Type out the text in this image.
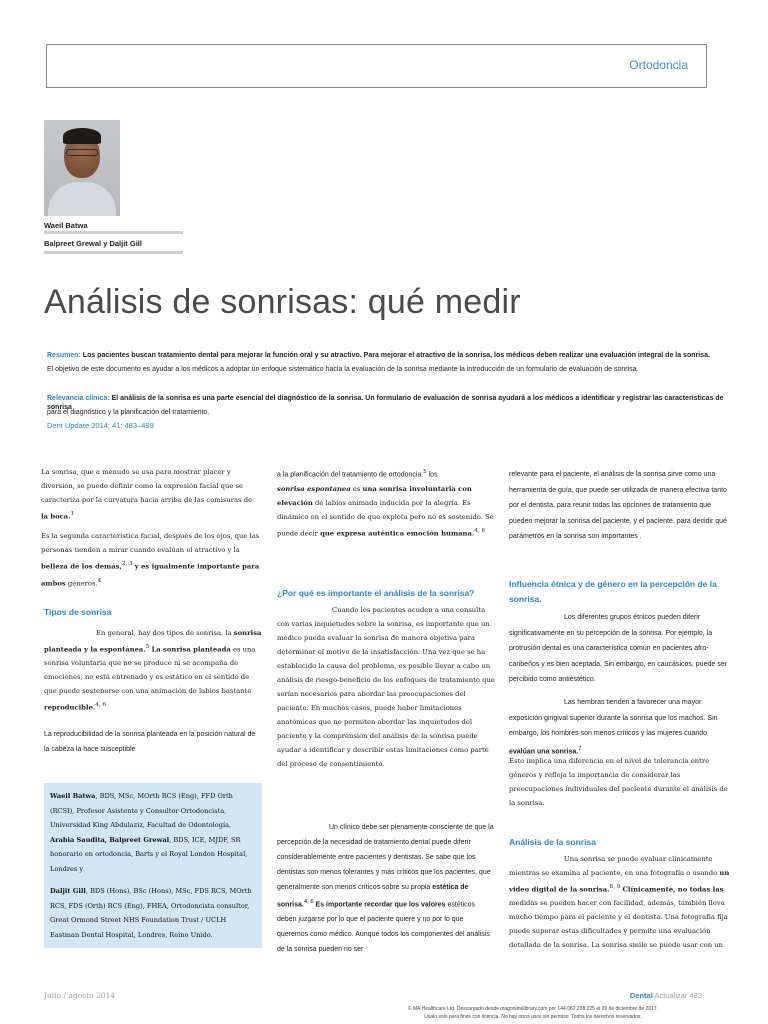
Ortodoncia
Waeil Batwa
Balpreet Grewal y Daljit Gill
Análisis de sonrisas: qué medir
Resumen: Los pacientes buscan tratamiento dental para mejorar la función oral y su atractivo. Para mejorar el atractivo de la sonrisa, los médicos deben realizar una evaluación integral de la sonrisa.
El objetivo de este documento es ayudar a los médicos a adoptar un enfoque sistemático hacia la evaluación de la sonrisa mediante la introducción de un formulario de evaluación de sonrisa.
Relevancia clínica: El análisis de la sonrisa es una parte esencial del diagnóstico de la sonrisa. Un formulario de evaluación de sonrisa ayudará a los médicos a identificar y registrar las características de sonrisa
para el diagnóstico y la planificación del tratamiento.
Dent Update 2014; 41: 483–489

La sonrisa, que a menudo se usa para mostrar placer y diversión, se puede definir como la expresión facial que se caracteriza por la curvatura hacia arriba de las comisuras de la boca.$^1$

Es la segunda característica facial, después de los ojos, que las personas tienden a mirar cuando evalúan el atractivo y la belleza de los demás,$^{2, 3}$ y es igualmente importante para ambos géneros.$^4$

Tipos de sonrisa

En general, hay dos tipos de sonrisa, la sonrisa planteada y la espontánea.$^5$ La sonrisa planteada es una sonrisa voluntaria que no se produce ni se acompaña de emociones; no está entrenado y es estático en el sentido de que puede sostenerse con una animación de labios bastante reproducible.$^{4, 6}$

La reproducibilidad de la sonrisa planteada en la posición natural de la cabeza la hace susceptible

Waeil Batwa, BDS, MSc, MOrth RCS (Eng), FFD Orth (RCSI), Profesor Asistente y Consultor Ortodoncista, Universidad King Abdulaziz, Facultad de Odontología, Arabia Saudita, Balpreet Grewal, BDS, ICE, MJDF, SR honorario en ortodoncia, Barts y el Royal London Hospital, Londres y

Daljit Gill, BDS (Hons), BSc (Hons), MSc, FDS RCS, MOrth RCS, FDS (Orth) RCS (Eng), FHEA, Ortodoncista consultor, Great Ormond Street NHS Foundation Trust / UCLH Eastman Dental Hospital, Londres, Reino Unido.

a la planificación del tratamiento de ortodoncia.$^5$ los

sonrisa espontanea es una sonrisa involuntaria con elevación de labios animada inducida por la alegría. Es dinámico en el sentido de que explota pero no es sostenido. Se puede decir que expresa auténtica emoción humana.$^{4, 6}$

¿Por qué es importante el análisis de la sonrisa?

Cuando los pacientes acuden a una consulta con varias inquietudes sobre la sonrisa, es importante que un médico pueda evaluar la sonrisa de manera objetiva para determinar el motivo de la insatisfacción. Una vez que se ha establecido la causa del problema, es posible llevar a cabo un análisis de riesgo-beneficio de los enfoques de tratamiento que serían necesarios para abordar las preocupaciones del paciente. En muchos casos, puede haber limitaciones anatómicas que no permiten abordar las inquietudes del paciente y la comprensión del análisis de la sonrisa puede ayudar a identificar y describir estas limitaciones como parte del proceso de consentimiento.

Un clínico debe ser plenamente consciente de que la percepción de la necesidad de tratamiento dental puede diferir considerablemente entre pacientes y dentistas. Se sabe que los dentistas son menos tolerantes y más críticos que los pacientes, que generalmente son menos críticos sobre su propia estética de sonrisa.$^{4, 6}$ Es importante recordar que los valores estéticos deben juzgarse por lo que el paciente quiere y no por lo que queremos como médico. Aunque todos los componentes del análisis de la sonrisa pueden no ser

relevante para el paciente, el análisis de la sonrisa sirve como una herramienta de guía, que puede ser utilizada de manera efectiva tanto por el dentista, para reunir todas las opciones de tratamiento que pueden mejorar la sonrisa del paciente, y el paciente, para decidir qué parámetros en la sonrisa son importantes .
Influencia étnica y de género en la percepción de la sonrisa.

Los diferentes grupos étnicos pueden diferir significativamente en su percepción de la sonrisa. Por ejemplo, la protrusión dental es una característica común en pacientes afro-caribeños y es bien aceptada. Sin embargo, en caucásicos, puede ser percibido como antiestético.

Las hembras tienden a favorecer una mayor exposición gingival superior durante la sonrisa que los machos. Sin embargo, los hombres son menos críticos y las mujeres cuando evalúan una sonrisa.$^7$

Esto implica una diferencia en el nivel de tolerancia entre géneros y refleja la importancia de considerar las preocupaciones individuales del paciente durante el análisis de la sonrisa.
Análisis de la sonrisa

Una sonrisa se puede evaluar clínicamente mientras se examina al paciente, en una fotografía o usando un video digital de la sonrisa.$^{8, 9}$ Clínicamente, no todas las medidas se pueden hacer con facilidad, además, también lleva mucho tiempo para el paciente y el dentista. Una fotografía fija puede superar estas dificultades y permite una evaluación detallada de la sonrisa. La sonrisa smile se puede usar con un

Julio / agosto 2014	Dental Actualizar 483
© MA Healthcare Ltd. Descargado desde magonlinelibrary.com por 144.082.238.225 el 29 de diciembre de 2017.
Usalo solo para fines con licencia. No hay otros usos sin permiso. Todos los derechos reservados.
